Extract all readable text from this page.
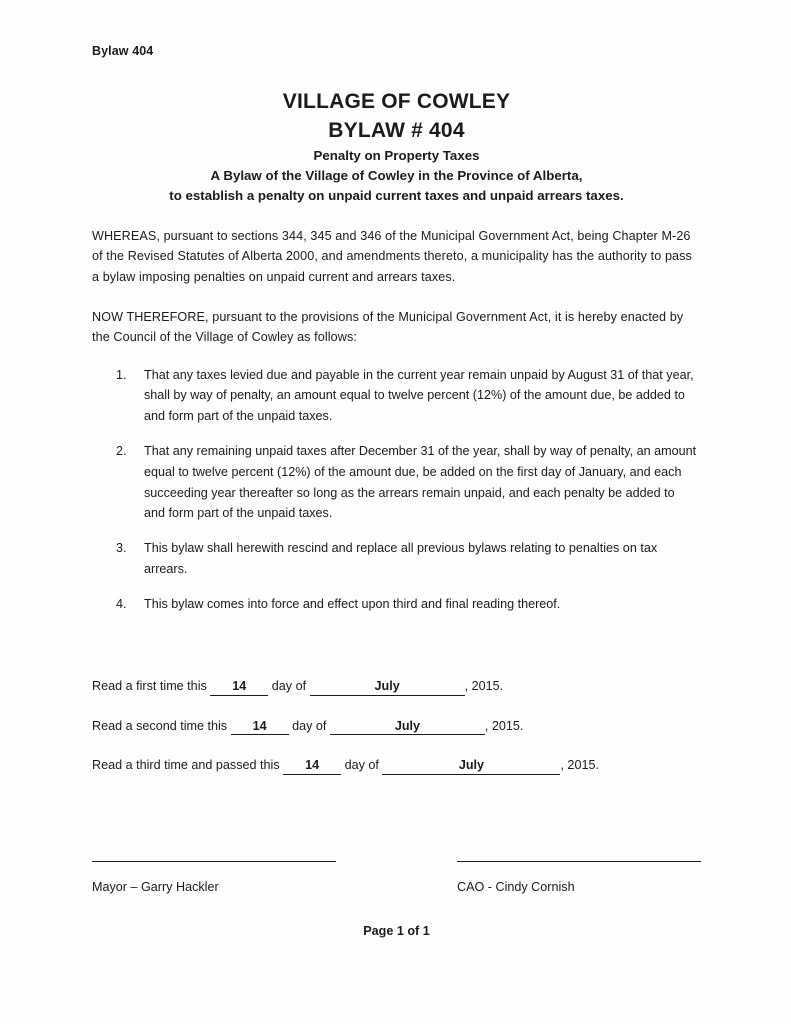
Bylaw 404
VILLAGE OF COWLEY
BYLAW # 404
Penalty on Property Taxes
A Bylaw of the Village of Cowley in the Province of Alberta,
to establish a penalty on unpaid current taxes and unpaid arrears taxes.

WHEREAS, pursuant to sections 344, 345 and 346 of the Municipal Government Act, being Chapter M-26 of the Revised Statutes of Alberta 2000, and amendments thereto, a municipality has the authority to pass a bylaw imposing penalties on unpaid current and arrears taxes.

NOW THEREFORE, pursuant to the provisions of the Municipal Government Act, it is hereby enacted by the Council of the Village of Cowley as follows:

1.	That any taxes levied due and payable in the current year remain unpaid by August 31 of that year, shall by way of penalty, an amount equal to twelve percent (12%) of the amount due, be added to and form part of the unpaid taxes.
2.	That any remaining unpaid taxes after December 31 of the year, shall by way of penalty, an amount equal to twelve percent (12%) of the amount due, be added on the first day of January, and each succeeding year thereafter so long as the arrears remain unpaid, and each penalty be added to and form part of the unpaid taxes.
3.	This bylaw shall herewith rescind and replace all previous bylaws relating to penalties on tax arrears.
4.	This bylaw comes into force and effect upon third and final reading thereof.
Read a first time this 14 day of	July	, 2015.
Read a second time this 14 day of	July	, 2015.
Read a third time and passed this 14 day of	July	, 2015.
Mayor – Garry Hackler	CAO - Cindy Cornish
Page 1 of 1
